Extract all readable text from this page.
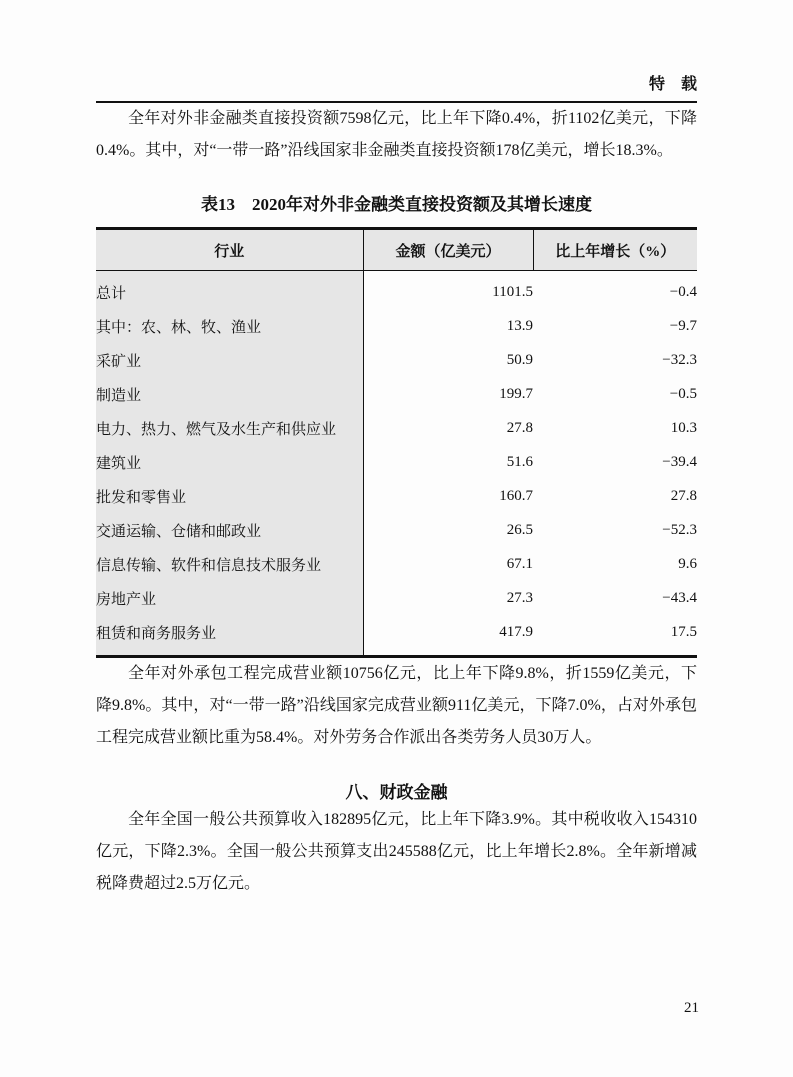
特　载

全年对外非金融类直接投资额7598亿元，比上年下降0.4%，折1102亿美元，下降0.4%。其中，对“一带一路”沿线国家非金融类直接投资额178亿美元，增长18.3%。

表13　2020年对外非金融类直接投资额及其增长速度
行业	金额（亿美元）	比上年增长（%）
总计	1101.5	−0.4
其中：农、林、牧、渔业	13.9	−9.7
采矿业	50.9	−32.3
制造业	199.7	−0.5
电力、热力、燃气及水生产和供应业	27.8	10.3
建筑业	51.6	−39.4
批发和零售业	160.7	27.8
交通运输、仓储和邮政业	26.5	−52.3
信息传输、软件和信息技术服务业	67.1	9.6
房地产业	27.3	−43.4
租赁和商务服务业	417.9	17.5

全年对外承包工程完成营业额10756亿元，比上年下降9.8%，折1559亿美元，下降9.8%。其中，对“一带一路”沿线国家完成营业额911亿美元，下降7.0%，占对外承包工程完成营业额比重为58.4%。对外劳务合作派出各类劳务人员30万人。

八、财政金融

全年全国一般公共预算收入182895亿元，比上年下降3.9%。其中税收收入154310亿元，下降2.3%。全国一般公共预算支出245588亿元，比上年增长2.8%。全年新增减税降费超过2.5万亿元。

21
